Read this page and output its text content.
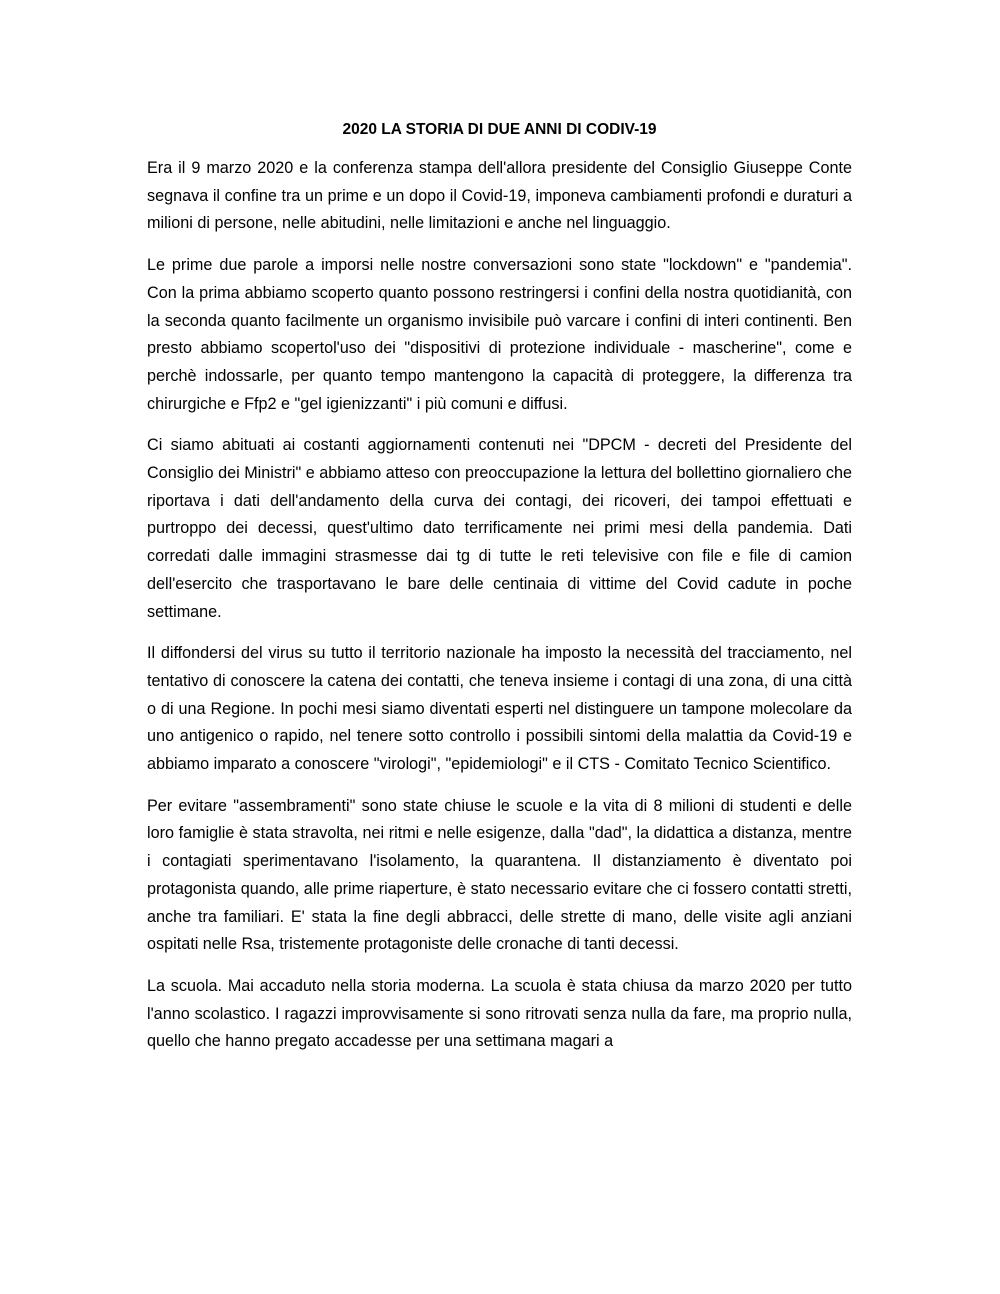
2020 LA STORIA DI DUE ANNI DI CODIV-19

Era il 9 marzo 2020 e la conferenza stampa dell'allora presidente del Consiglio Giuseppe Conte segnava il confine tra un prime e un dopo il Covid-19, imponeva cambiamenti profondi e duraturi a milioni di persone, nelle abitudini, nelle limitazioni e anche nel linguaggio.

Le prime due parole a imporsi nelle nostre conversazioni sono state "lockdown" e "pandemia". Con la prima abbiamo scoperto quanto possono restringersi i confini della nostra quotidianità, con la seconda quanto facilmente un organismo invisibile può varcare i confini di interi continenti. Ben presto abbiamo scopertol'uso dei "dispositivi di protezione individuale - mascherine", come e perchè indossarle, per quanto tempo mantengono la capacità di proteggere, la differenza tra chirurgiche e Ffp2 e "gel igienizzanti" i più comuni e diffusi.

Ci siamo abituati ai costanti aggiornamenti contenuti nei "DPCM - decreti del Presidente del Consiglio dei Ministri" e abbiamo atteso con preoccupazione la lettura del bollettino giornaliero che riportava i dati dell'andamento della curva dei contagi, dei ricoveri, dei tampoi effettuati e purtroppo dei decessi, quest'ultimo dato terrificamente nei primi mesi della pandemia. Dati corredati dalle immagini strasmesse dai tg di tutte le reti televisive con file e file di camion dell'esercito che trasportavano le bare delle centinaia di vittime del Covid cadute in poche settimane.

Il diffondersi del virus su tutto il territorio nazionale ha imposto la necessità del tracciamento, nel tentativo di conoscere la catena dei contatti, che teneva insieme i contagi di una zona, di una città o di una Regione. In pochi mesi siamo diventati esperti nel distinguere un tampone molecolare da uno antigenico o rapido, nel tenere sotto controllo i possibili sintomi della malattia da Covid-19 e abbiamo imparato a conoscere "virologi", "epidemiologi" e il CTS - Comitato Tecnico Scientifico.

Per evitare "assembramenti" sono state chiuse le scuole e la vita di 8 milioni di studenti e delle loro famiglie è stata stravolta, nei ritmi e nelle esigenze, dalla "dad", la didattica a distanza, mentre i contagiati sperimentavano l'isolamento, la quarantena. Il distanziamento è diventato poi protagonista quando, alle prime riaperture, è stato necessario evitare che ci fossero contatti stretti, anche tra familiari. E' stata la fine degli abbracci, delle strette di mano, delle visite agli anziani ospitati nelle Rsa, tristemente protagoniste delle cronache di tanti decessi.

La scuola. Mai accaduto nella storia moderna. La scuola è stata chiusa da marzo 2020 per tutto l'anno scolastico. I ragazzi improvvisamente si sono ritrovati senza nulla da fare, ma proprio nulla, quello che hanno pregato accadesse per una settimana magari a
